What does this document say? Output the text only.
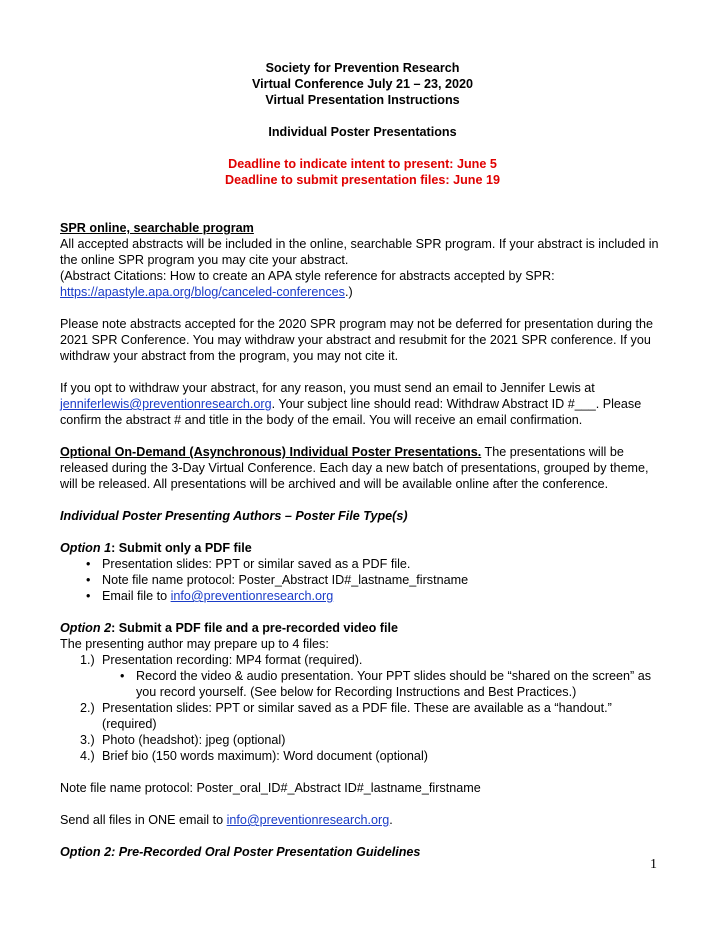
Society for Prevention Research
Virtual Conference July 21 – 23, 2020
Virtual Presentation Instructions
Individual Poster Presentations
Deadline to indicate intent to present: June 5
Deadline to submit presentation files: June 19
SPR online, searchable program
All accepted abstracts will be included in the online, searchable SPR program. If your abstract is included in the online SPR program you may cite your abstract.
(Abstract Citations: How to create an APA style reference for abstracts accepted by SPR:
https://apastyle.apa.org/blog/canceled-conferences.)
Please note abstracts accepted for the 2020 SPR program may not be deferred for presentation during the 2021 SPR Conference. You may withdraw your abstract and resubmit for the 2021 SPR conference. If you withdraw your abstract from the program, you may not cite it.
If you opt to withdraw your abstract, for any reason, you must send an email to Jennifer Lewis at
jenniferlewis@preventionresearch.org. Your subject line should read: Withdraw Abstract ID #___. Please confirm the abstract # and title in the body of the email. You will receive an email confirmation.
Optional On-Demand (Asynchronous) Individual Poster Presentations. The presentations will be released during the 3-Day Virtual Conference. Each day a new batch of presentations, grouped by theme, will be released. All presentations will be archived and will be available online after the conference.
Individual Poster Presenting Authors – Poster File Type(s)
Option 1: Submit only a PDF file
• Presentation slides: PPT or similar saved as a PDF file.
• Note file name protocol: Poster_Abstract ID#_lastname_firstname
• Email file to info@preventionresearch.org
Option 2: Submit a PDF file and a pre-recorded video file
The presenting author may prepare up to 4 files:
1.) Presentation recording: MP4 format (required).
• Record the video & audio presentation. Your PPT slides should be “shared on the screen” as you record yourself. (See below for Recording Instructions and Best Practices.)
2.) Presentation slides: PPT or similar saved as a PDF file. These are available as a “handout.” (required)
3.) Photo (headshot): jpeg (optional)
4.) Brief bio (150 words maximum): Word document (optional)
Note file name protocol: Poster_oral_ID#_Abstract ID#_lastname_firstname
Send all files in ONE email to info@preventionresearch.org.
Option 2: Pre-Recorded Oral Poster Presentation Guidelines
1
